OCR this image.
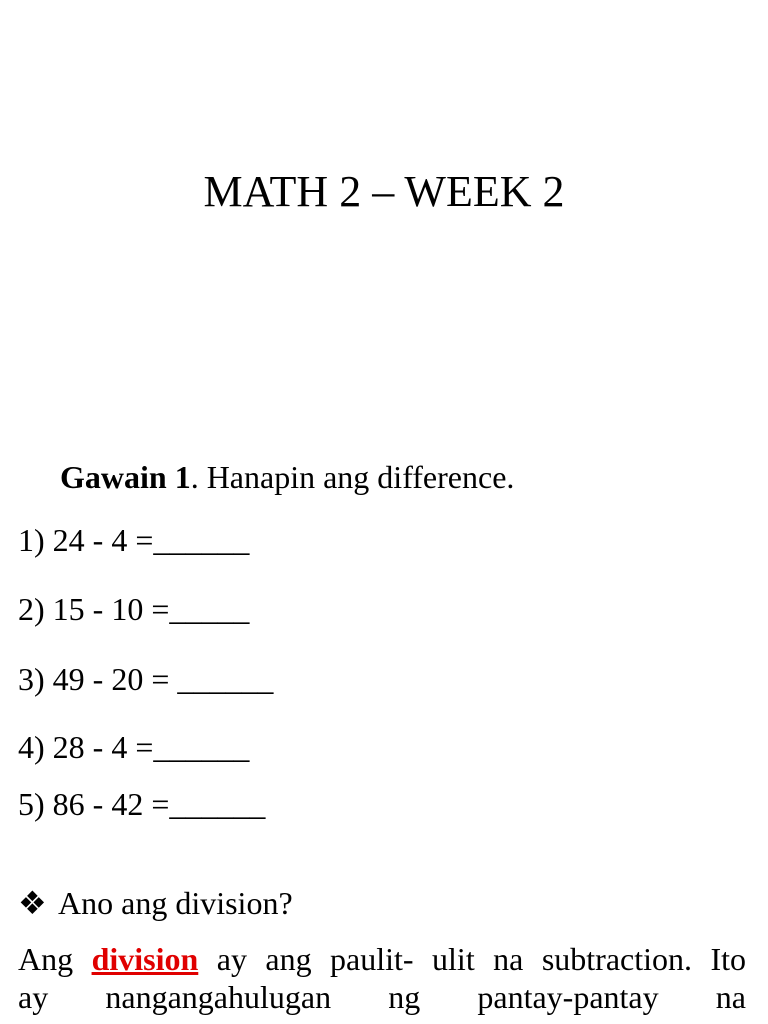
MATH 2 – WEEK 2
Gawain 1. Hanapin ang difference.
1) 24 - 4 =______
2) 15 - 10 =_____
3) 49 - 20 = ______
4) 28 - 4 =______
5) 86 - 42 =______
❖ Ano ang division?
Ang division ay ang paulit- ulit na subtraction. Ito
ay nangangahulugan ng pantay-pantay na
